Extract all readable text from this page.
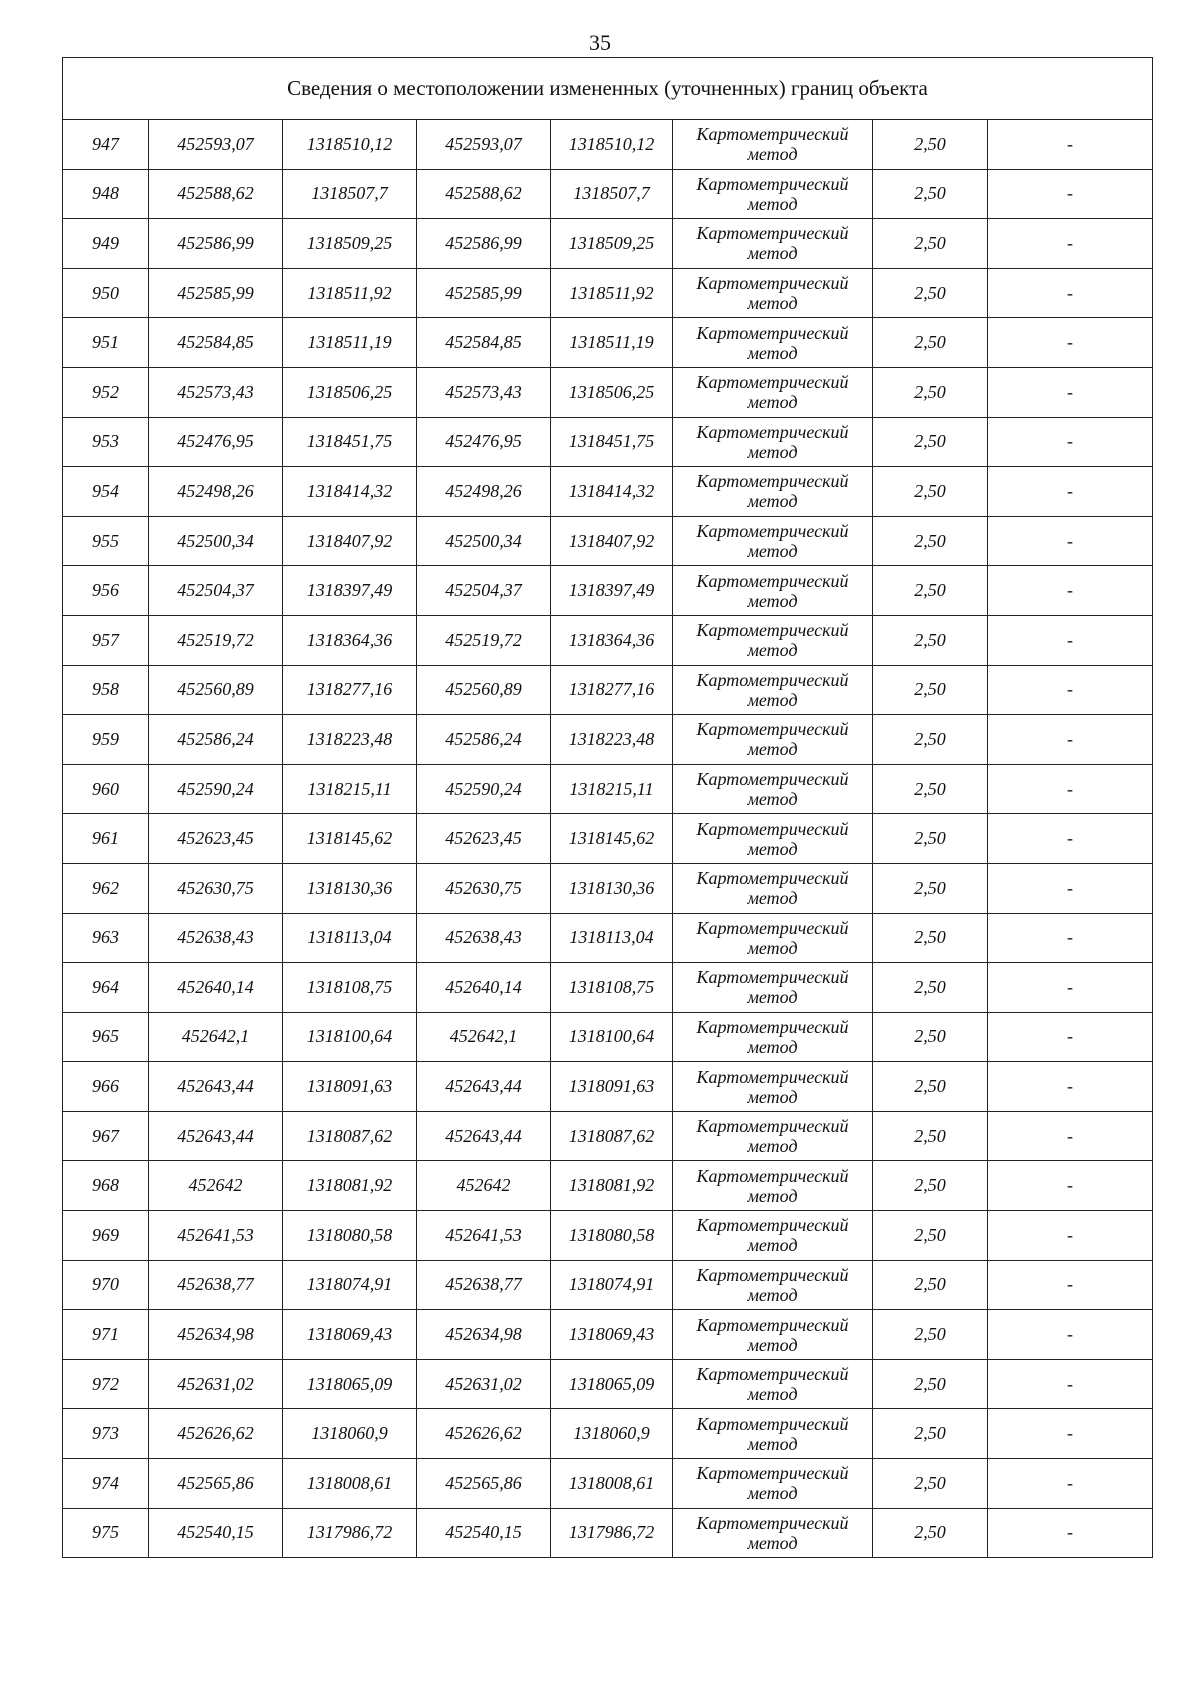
35
Сведения о местоположении измененных (уточненных) границ объекта							
947	452593,07	1318510,12	452593,07	1318510,12	Картометрический метод	2,50	-
948	452588,62	1318507,7	452588,62	1318507,7	Картометрический метод	2,50	-
949	452586,99	1318509,25	452586,99	1318509,25	Картометрический метод	2,50	-
950	452585,99	1318511,92	452585,99	1318511,92	Картометрический метод	2,50	-
951	452584,85	1318511,19	452584,85	1318511,19	Картометрический метод	2,50	-
952	452573,43	1318506,25	452573,43	1318506,25	Картометрический метод	2,50	-
953	452476,95	1318451,75	452476,95	1318451,75	Картометрический метод	2,50	-
954	452498,26	1318414,32	452498,26	1318414,32	Картометрический метод	2,50	-
955	452500,34	1318407,92	452500,34	1318407,92	Картометрический метод	2,50	-
956	452504,37	1318397,49	452504,37	1318397,49	Картометрический метод	2,50	-
957	452519,72	1318364,36	452519,72	1318364,36	Картометрический метод	2,50	-
958	452560,89	1318277,16	452560,89	1318277,16	Картометрический метод	2,50	-
959	452586,24	1318223,48	452586,24	1318223,48	Картометрический метод	2,50	-
960	452590,24	1318215,11	452590,24	1318215,11	Картометрический метод	2,50	-
961	452623,45	1318145,62	452623,45	1318145,62	Картометрический метод	2,50	-
962	452630,75	1318130,36	452630,75	1318130,36	Картометрический метод	2,50	-
963	452638,43	1318113,04	452638,43	1318113,04	Картометрический метод	2,50	-
964	452640,14	1318108,75	452640,14	1318108,75	Картометрический метод	2,50	-
965	452642,1	1318100,64	452642,1	1318100,64	Картометрический метод	2,50	-
966	452643,44	1318091,63	452643,44	1318091,63	Картометрический метод	2,50	-
967	452643,44	1318087,62	452643,44	1318087,62	Картометрический метод	2,50	-
968	452642	1318081,92	452642	1318081,92	Картометрический метод	2,50	-
969	452641,53	1318080,58	452641,53	1318080,58	Картометрический метод	2,50	-
970	452638,77	1318074,91	452638,77	1318074,91	Картометрический метод	2,50	-
971	452634,98	1318069,43	452634,98	1318069,43	Картометрический метод	2,50	-
972	452631,02	1318065,09	452631,02	1318065,09	Картометрический метод	2,50	-
973	452626,62	1318060,9	452626,62	1318060,9	Картометрический метод	2,50	-
974	452565,86	1318008,61	452565,86	1318008,61	Картометрический метод	2,50	-
975	452540,15	1317986,72	452540,15	1317986,72	Картометрический метод	2,50	-
